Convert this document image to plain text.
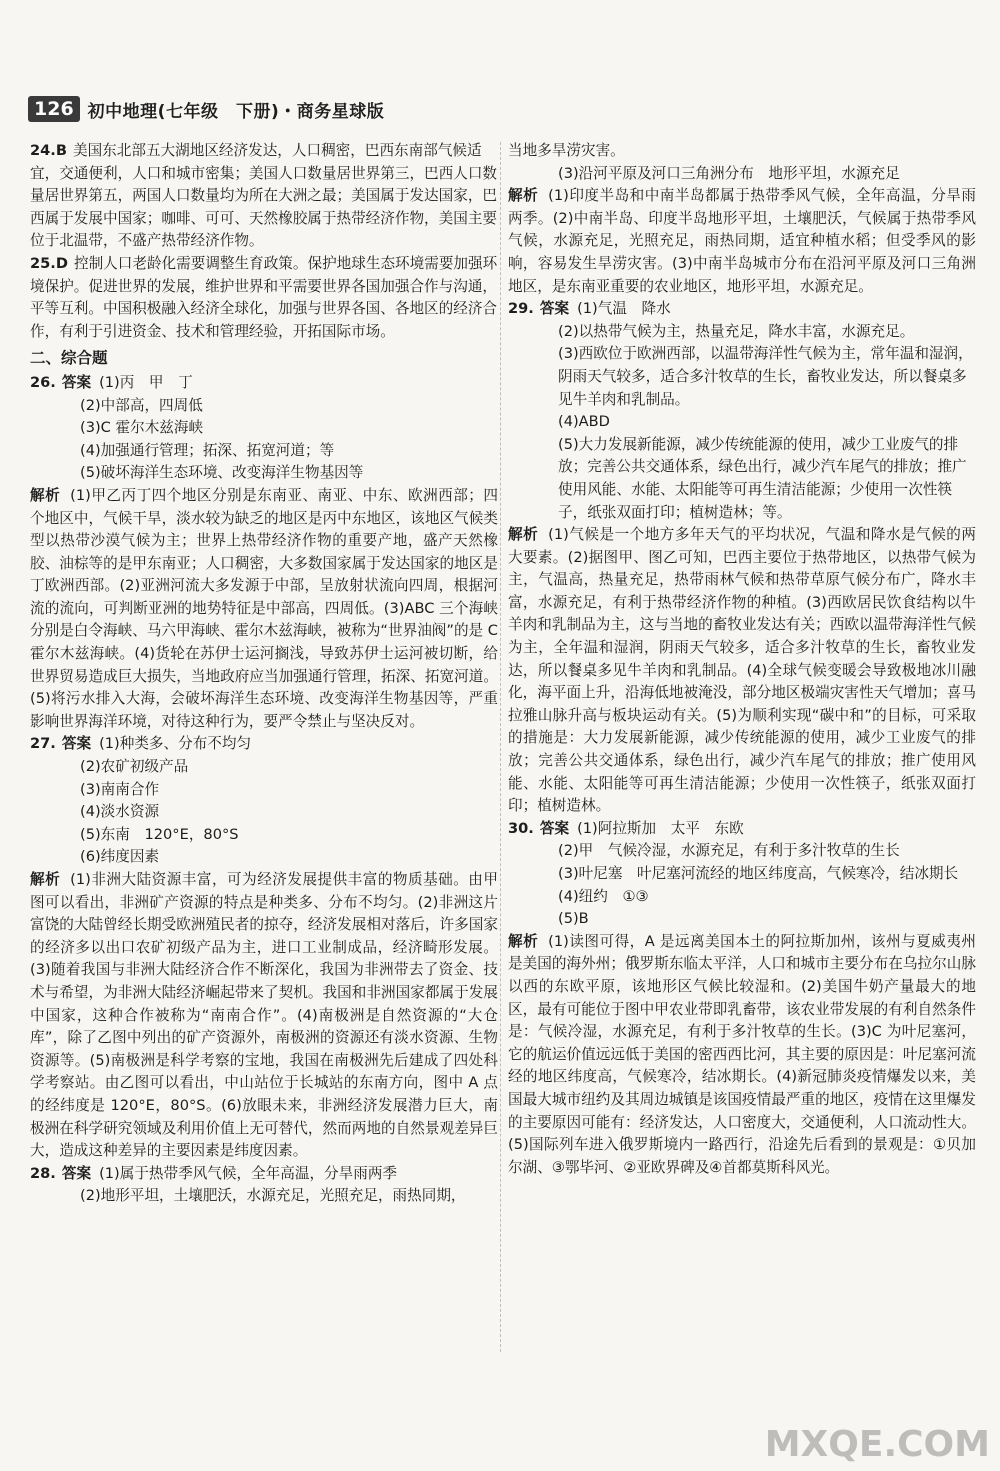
126 初中地理(七年级　下册)・商务星球版

24.B 美国东北部五大湖地区经济发达，人口稠密，巴西东南部气候适宜，交通便利，人口和城市密集；美国人口数量居世界第三，巴西人口数量居世界第五，两国人口数量均为所在大洲之最；美国属于发达国家，巴西属于发展中国家；咖啡、可可、天然橡胶属于热带经济作物，美国主要位于北温带，不盛产热带经济作物。

25.D 控制人口老龄化需要调整生育政策。保护地球生态环境需要加强环境保护。促进世界的发展，维护世界和平需要世界各国加强合作与沟通，平等互利。中国积极融入经济全球化，加强与世界各国、各地区的经济合作，有利于引进资金、技术和管理经验，开拓国际市场。

二、综合题

26. 答案 (1)丙　甲　丁

(2)中部高，四周低

(3)C 霍尔木兹海峡

(4)加强通行管理；拓深、拓宽河道；等

(5)破坏海洋生态环境、改变海洋生物基因等

解析 (1)甲乙丙丁四个地区分别是东南亚、南亚、中东、欧洲西部；四个地区中，气候干旱，淡水较为缺乏的地区是丙中东地区，该地区气候类型以热带沙漠气候为主；世界上热带经济作物的重要产地，盛产天然橡胶、油棕等的是甲东南亚；人口稠密，大多数国家属于发达国家的地区是丁欧洲西部。(2)亚洲河流大多发源于中部，呈放射状流向四周，根据河流的流向，可判断亚洲的地势特征是中部高，四周低。(3)ABC 三个海峡分别是白令海峡、马六甲海峡、霍尔木兹海峡，被称为“世界油阀”的是 C 霍尔木兹海峡。(4)货轮在苏伊士运河搁浅，导致苏伊士运河被切断，给世界贸易造成巨大损失，当地政府应当加强通行管理，拓深、拓宽河道。(5)将污水排入大海，会破坏海洋生态环境、改变海洋生物基因等，严重影响世界海洋环境，对待这种行为，要严令禁止与坚决反对。

27. 答案 (1)种类多、分布不均匀

(2)农矿初级产品

(3)南南合作

(4)淡水资源

(5)东南　120°E，80°S

(6)纬度因素

解析 (1)非洲大陆资源丰富，可为经济发展提供丰富的物质基础。由甲图可以看出，非洲矿产资源的特点是种类多、分布不均匀。(2)非洲这片富饶的大陆曾经长期受欧洲殖民者的掠夺，经济发展相对落后，许多国家的经济多以出口农矿初级产品为主，进口工业制成品，经济畸形发展。(3)随着我国与非洲大陆经济合作不断深化，我国为非洲带去了资金、技术与希望，为非洲大陆经济崛起带来了契机。我国和非洲国家都属于发展中国家，这种合作被称为“南南合作”。(4)南极洲是自然资源的“大仓库”，除了乙图中列出的矿产资源外，南极洲的资源还有淡水资源、生物资源等。(5)南极洲是科学考察的宝地，我国在南极洲先后建成了四处科学考察站。由乙图可以看出，中山站位于长城站的东南方向，图中 A 点的经纬度是 120°E，80°S。(6)放眼未来，非洲经济发展潜力巨大，南极洲在科学研究领域及利用价值上无可替代，然而两地的自然景观差异巨大，造成这种差异的主要因素是纬度因素。

28. 答案 (1)属于热带季风气候，全年高温，分旱雨两季

(2)地形平坦，土壤肥沃，水源充足，光照充足，雨热同期，

当地多旱涝灾害。

(3)沿河平原及河口三角洲分布　地形平坦，水源充足

解析 (1)印度半岛和中南半岛都属于热带季风气候，全年高温，分旱雨两季。(2)中南半岛、印度半岛地形平坦，土壤肥沃，气候属于热带季风气候，水源充足，光照充足，雨热同期，适宜种植水稻；但受季风的影响，容易发生旱涝灾害。(3)中南半岛城市分布在沿河平原及河口三角洲地区，是东南亚重要的农业地区，地形平坦，水源充足。

29. 答案 (1)气温　降水

(2)以热带气候为主，热量充足，降水丰富，水源充足。

(3)西欧位于欧洲西部，以温带海洋性气候为主，常年温和湿润，阴雨天气较多，适合多汁牧草的生长，畜牧业发达，所以餐桌多见牛羊肉和乳制品。

(4)ABD

(5)大力发展新能源，减少传统能源的使用，减少工业废气的排放；完善公共交通体系，绿色出行，减少汽车尾气的排放；推广使用风能、水能、太阳能等可再生清洁能源；少使用一次性筷子，纸张双面打印；植树造林；等。

解析 (1)气候是一个地方多年天气的平均状况，气温和降水是气候的两大要素。(2)据图甲、图乙可知，巴西主要位于热带地区，以热带气候为主，气温高，热量充足，热带雨林气候和热带草原气候分布广，降水丰富，水源充足，有利于热带经济作物的种植。(3)西欧居民饮食结构以牛羊肉和乳制品为主，这与当地的畜牧业发达有关；西欧以温带海洋性气候为主，全年温和湿润，阴雨天气较多，适合多汁牧草的生长，畜牧业发达，所以餐桌多见牛羊肉和乳制品。(4)全球气候变暖会导致极地冰川融化，海平面上升，沿海低地被淹没，部分地区极端灾害性天气增加；喜马拉雅山脉升高与板块运动有关。(5)为顺利实现“碳中和”的目标，可采取的措施是：大力发展新能源，减少传统能源的使用，减少工业废气的排放；完善公共交通体系，绿色出行，减少汽车尾气的排放；推广使用风能、水能、太阳能等可再生清洁能源；少使用一次性筷子，纸张双面打印；植树造林。

30. 答案 (1)阿拉斯加　太平　东欧

(2)甲　气候冷湿，水源充足，有利于多汁牧草的生长

(3)叶尼塞　叶尼塞河流经的地区纬度高，气候寒冷，结冰期长

(4)纽约　①③

(5)B

解析 (1)读图可得，A 是远离美国本土的阿拉斯加州，该州与夏威夷州是美国的海外州；俄罗斯东临太平洋，人口和城市主要分布在乌拉尔山脉以西的东欧平原，该地形区气候比较湿和。(2)美国牛奶产量最大的地区，最有可能位于图中甲农业带即乳畜带，该农业带发展的有利自然条件是：气候冷湿，水源充足，有利于多汁牧草的生长。(3)C 为叶尼塞河，它的航运价值远远低于美国的密西西比河，其主要的原因是：叶尼塞河流经的地区纬度高，气候寒冷，结冰期长。(4)新冠肺炎疫情爆发以来，美国最大城市纽约及其周边城镇是该国疫情最严重的地区，疫情在这里爆发的主要原因可能有：经济发达，人口密度大，交通便利，人口流动性大。(5)国际列车进入俄罗斯境内一路西行，沿途先后看到的景观是：①贝加尔湖、③鄂毕河、②亚欧界碑及④首都莫斯科风光。

MXQE.COM
